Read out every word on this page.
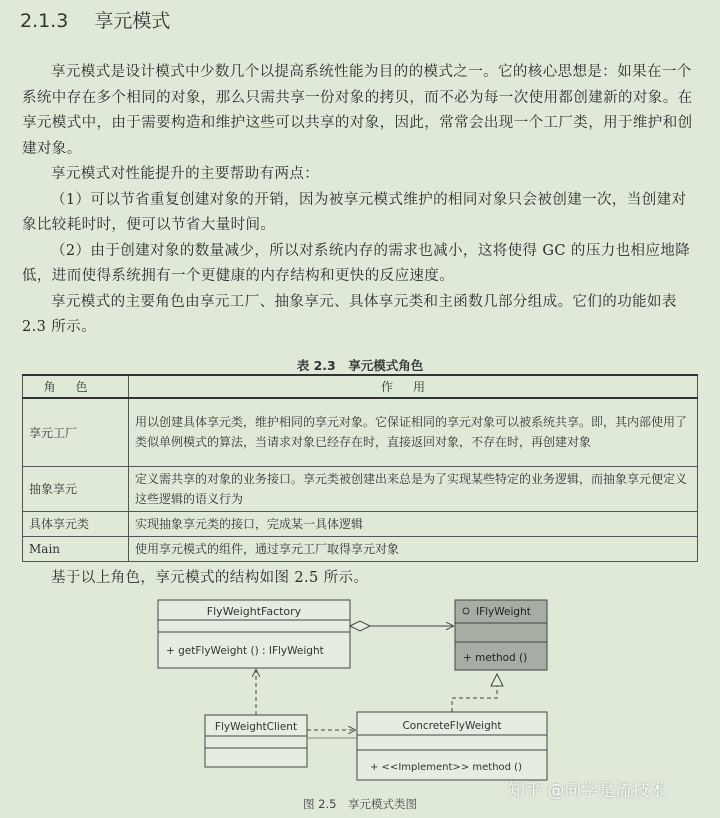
2.1.3 享元模式

享元模式是设计模式中少数几个以提高系统性能为目的的模式之一。它的核心思想是：如果在一个系统中存在多个相同的对象，那么只需共享一份对象的拷贝，而不必为每一次使用都创建新的对象。在享元模式中，由于需要构造和维护这些可以共享的对象，因此，常常会出现一个工厂类，用于维护和创建对象。

享元模式对性能提升的主要帮助有两点：

（1）可以节省重复创建对象的开销，因为被享元模式维护的相同对象只会被创建一次，当创建对象比较耗时时，便可以节省大量时间。

（2）由于创建对象的数量减少，所以对系统内存的需求也减小，这将使得 GC 的压力也相应地降低，进而使得系统拥有一个更健康的内存结构和更快的反应速度。

享元模式的主要角色由享元工厂、抽象享元、具体享元类和主函数几部分组成。它们的功能如表 2.3 所示。

表 2.3　享元模式角色
角色	作用
享元工厂	用以创建具体享元类，维护相同的享元对象。它保证相同的享元对象可以被系统共享。即，其内部使用了类似单例模式的算法，当请求对象已经存在时，直接返回对象，不存在时，再创建对象
抽象享元	定义需共享的对象的业务接口。享元类被创建出来总是为了实现某些特定的业务逻辑，而抽象享元便定义这些逻辑的语义行为
具体享元类	实现抽象享元类的接口，完成某一具体逻辑
Main	使用享元模式的组件，通过享元工厂取得享元对象

基于以上角色，享元模式的结构如图 2.5 所示。

FlyWeightFactory
+ getFlyWeight () : IFlyWeight
IFlyWeight
+ method ()
FlyWeightClient	ConcreteFlyWeight
+ <<Implement>> method ()
图 2.5　享元模式类图
知乎 @同学是流技术
